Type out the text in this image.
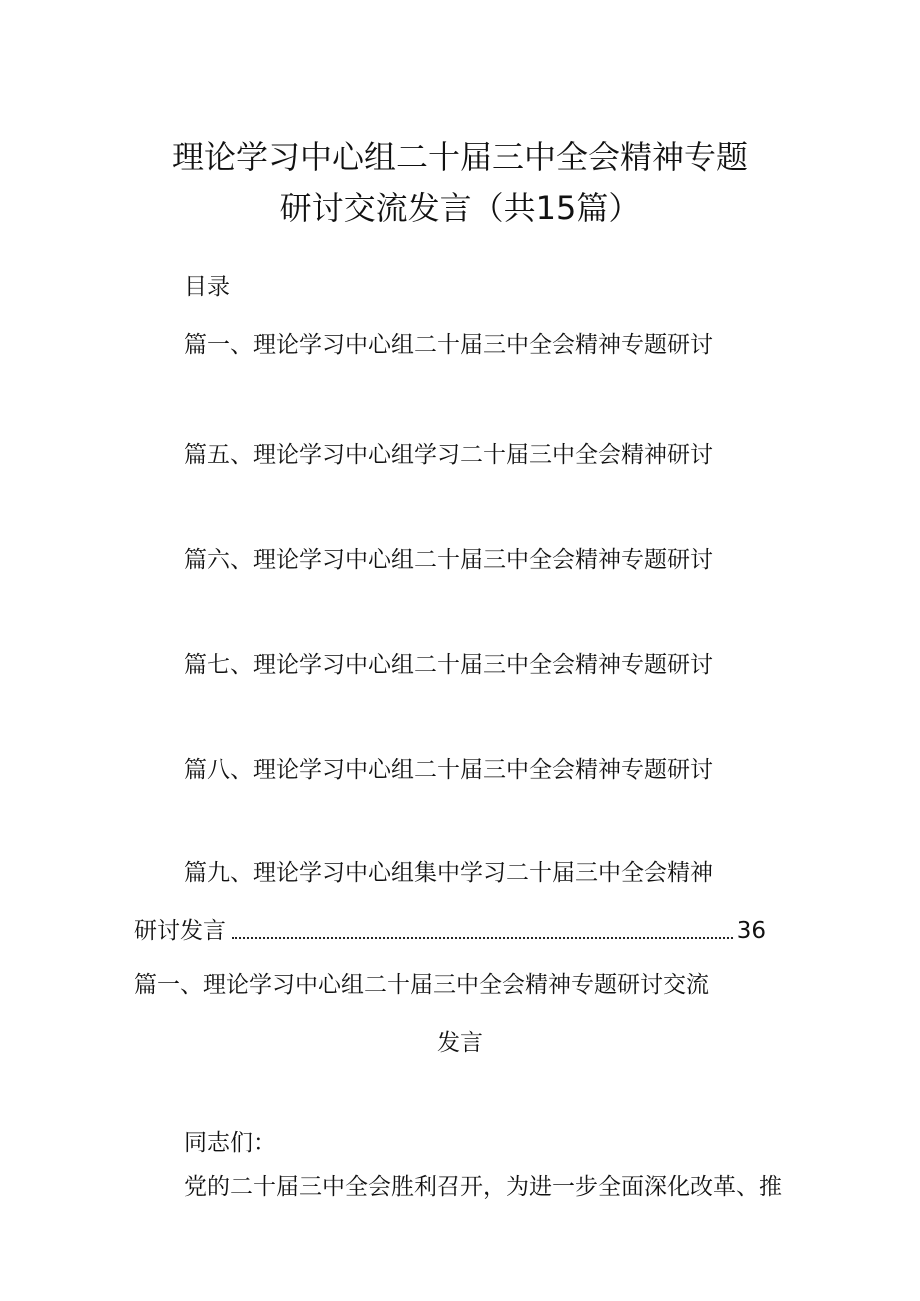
理论学习中心组二十届三中全会精神专题
研讨交流发言（共15篇）
目录
篇一、理论学习中心组二十届三中全会精神专题研讨
篇五、理论学习中心组学习二十届三中全会精神研讨
篇六、理论学习中心组二十届三中全会精神专题研讨
篇七、理论学习中心组二十届三中全会精神专题研讨
篇八、理论学习中心组二十届三中全会精神专题研讨
篇九、理论学习中心组集中学习二十届三中全会精神
研讨发言	36
篇一、理论学习中心组二十届三中全会精神专题研讨交流
发言
同志们：
党的二十届三中全会胜利召开，为进一步全面深化改革、推
